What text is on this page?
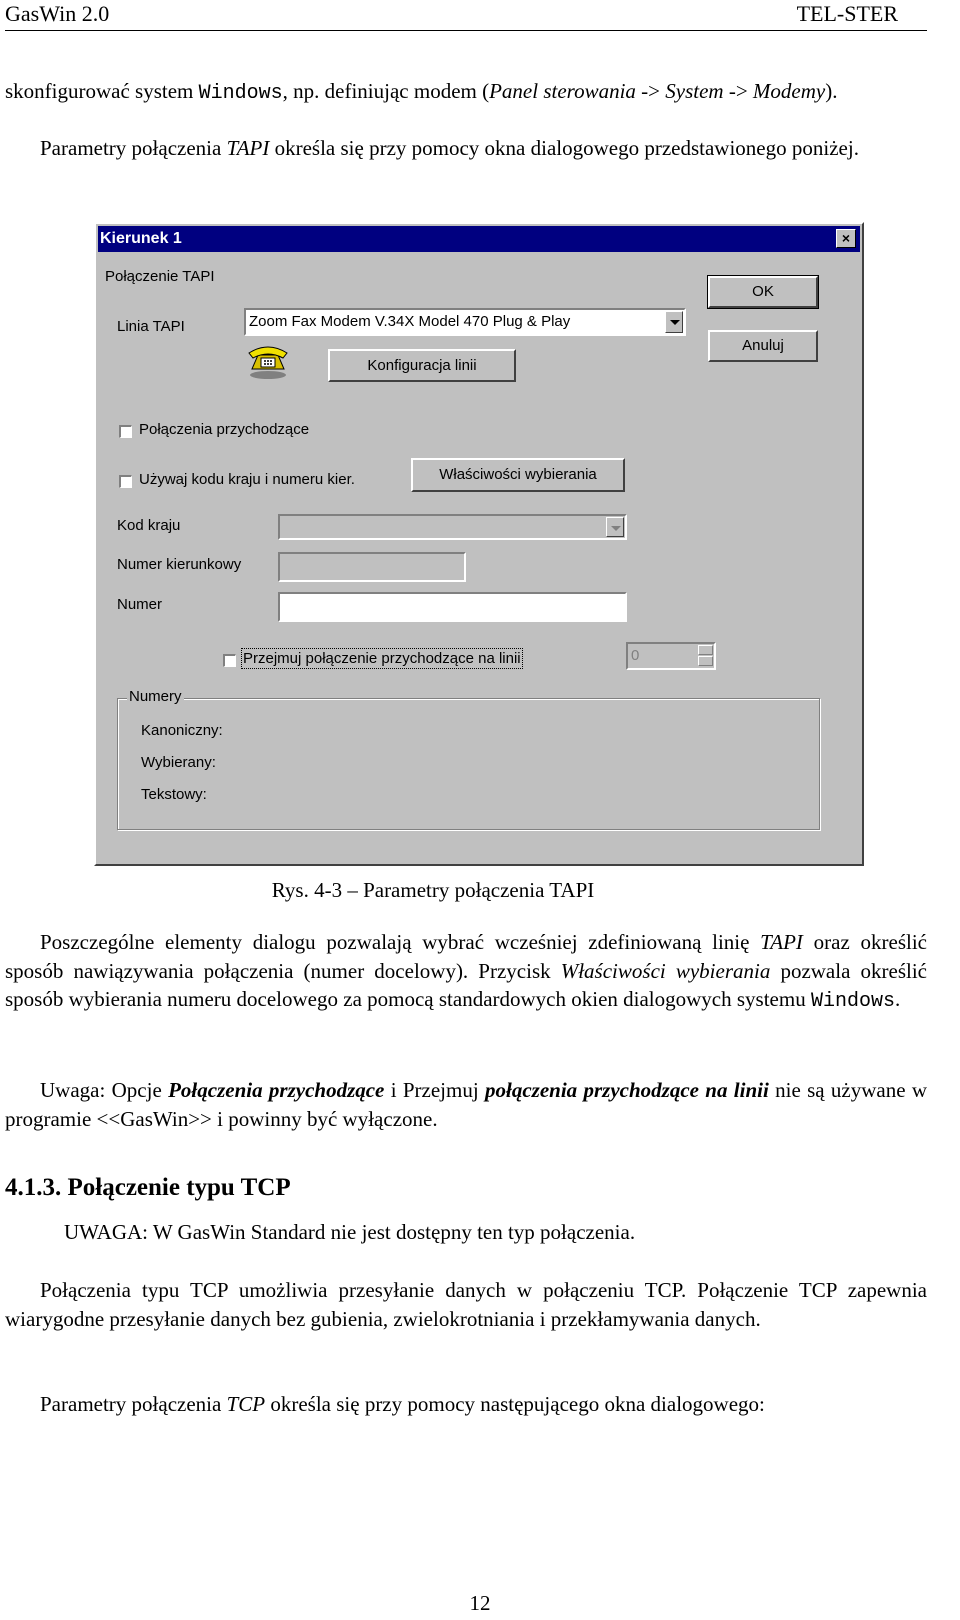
GasWin 2.0	TEL-STER

skonfigurować system Windows, np. definiując modem (Panel sterowania -> System -> Modemy).

Parametry połączenia TAPI określa się przy pomocy okna dialogowego przedstawionego poniżej.

Kierunek 1	×
Połączenie TAPI
OK
Anuluj
Linia TAPI	Zoom Fax Modem V.34X Model 470 Plug & Play
Konfiguracja linii
Połączenia przychodzące
Używaj kodu kraju i numeru kier.	Właściwości wybierania
Kod kraju
Numer kierunkowy
Numer
Przejmuj połączenie przychodzące na linii	0
Numery
Kanoniczny:
Wybierany:
Tekstowy:
Rys. 4-3 – Parametry połączenia TAPI

Poszczególne elementy dialogu pozwalają wybrać wcześniej zdefiniowaną linię TAPI oraz określić sposób nawiązywania połączenia (numer docelowy). Przycisk Właściwości wybierania pozwala określić sposób wybierania numeru docelowego za pomocą standardowych okien dialogowych systemu Windows.

Uwaga: Opcje Połączenia przychodzące i Przejmuj połączenia przychodzące na linii nie są używane w programie <<GasWin>> i powinny być wyłączone.

4.1.3. Połączenie typu TCP
UWAGA: W GasWin Standard nie jest dostępny ten typ połączenia.

Połączenia typu TCP umożliwia przesyłanie danych w połączeniu TCP. Połączenie TCP zapewnia wiarygodne przesyłanie danych bez gubienia, zwielokrotniania i przekłamywania danych.

Parametry połączenia TCP określa się przy pomocy następującego okna dialogowego:

12
